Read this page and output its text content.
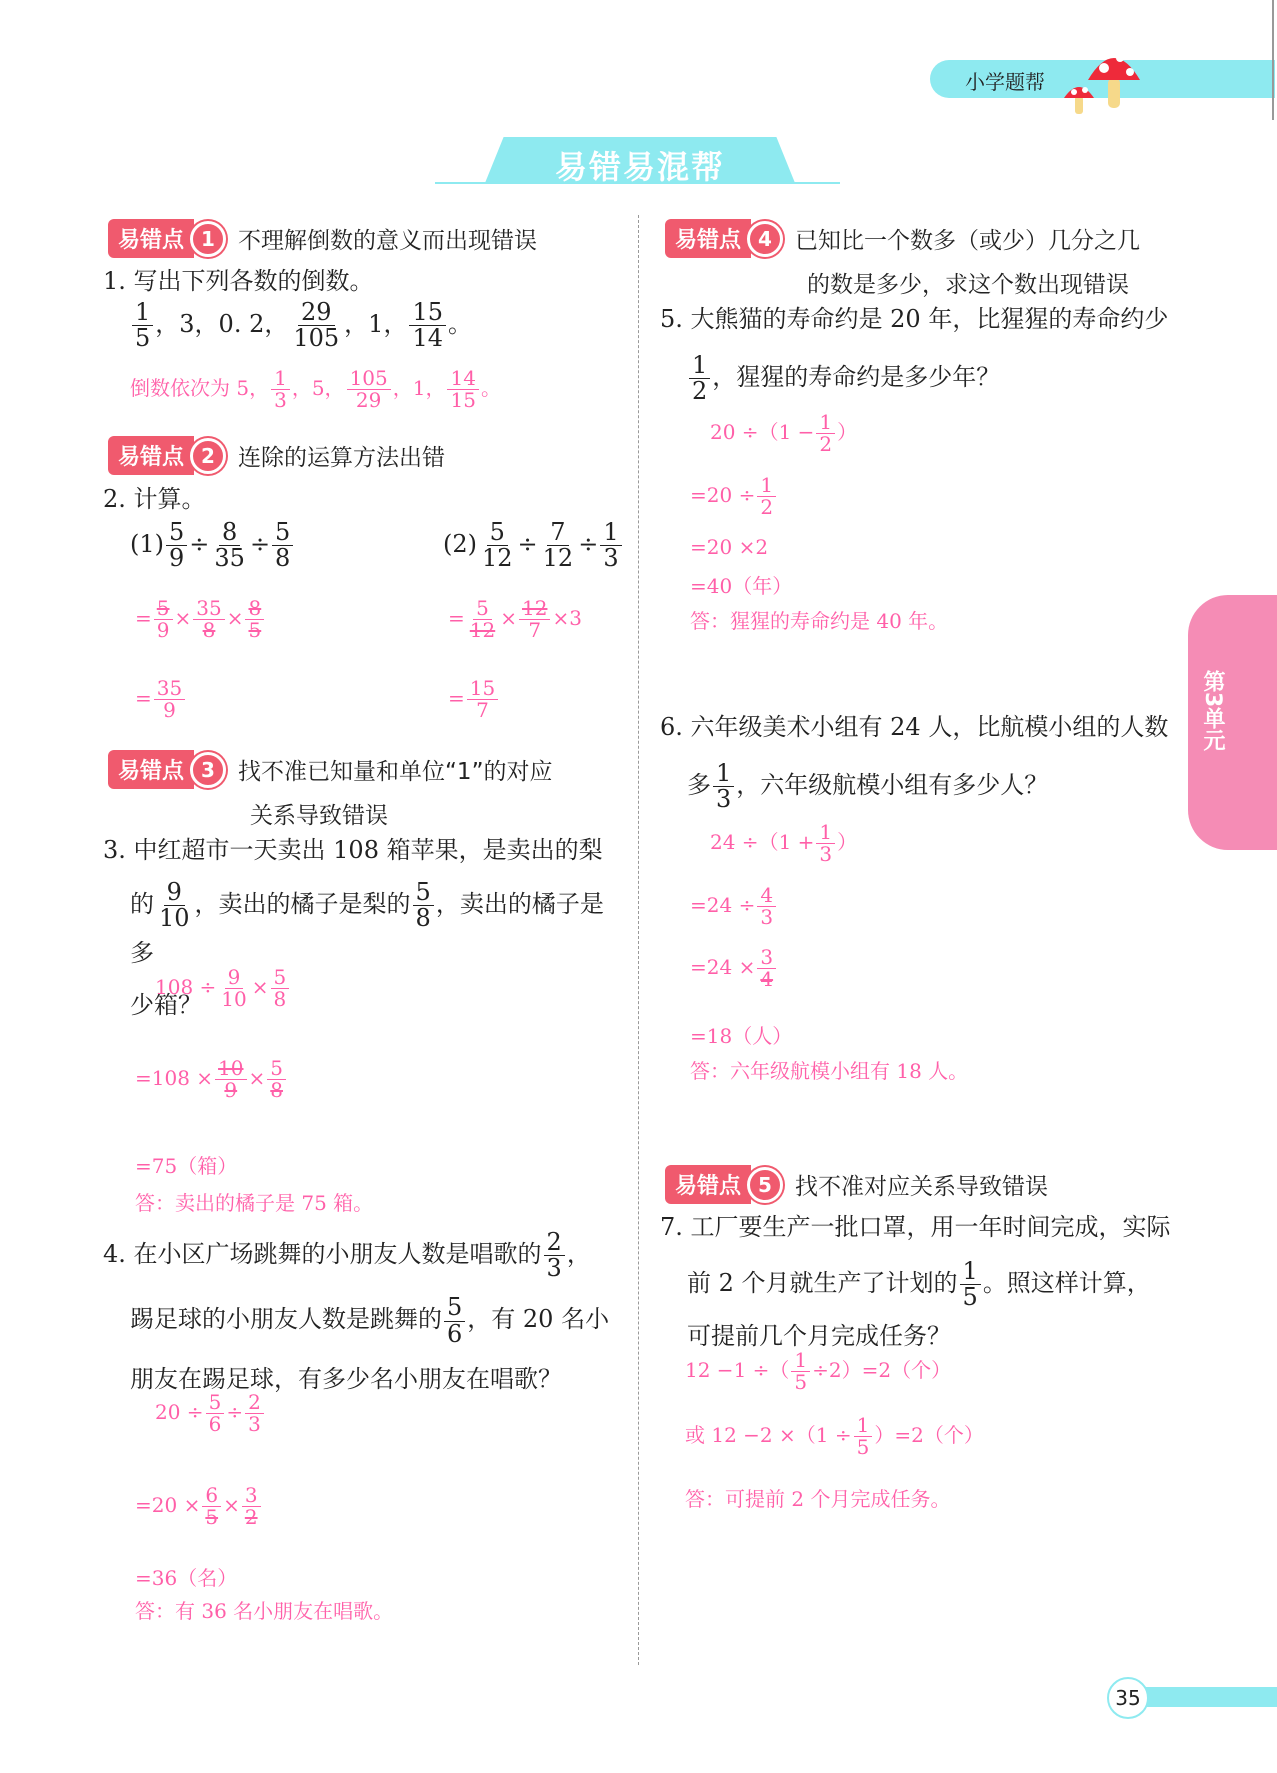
小学题帮
易错易混帮
第3单元
35
易错点 1	不理解倒数的意义而出现错误
1. 写出下列各数的倒数。
$\frac{1}{5}$ ，3，0. 2， $\frac{29}{105}$ ，1， $\frac{15}{14}$ 。
倒数依次为 5， $\frac{1}{3}$ ，5， $\frac{105}{29}$ ，1， $\frac{14}{15}$ 。
易错点 2	连除的运算方法出错
2. 计算。
$(1) \frac{5}{9} \div \frac{8}{35} \div \frac{5}{8}$	$(2) \frac{5}{12} \div \frac{7}{12} \div \frac{1}{3}$
= $\frac{5}{9} \times \frac{35}{8} \times \frac{8}{5}$
= $\frac{35}{9}$
= $\frac{5}{12} \times \frac{12}{7} \times 3$
= $\frac{15}{7}$
易错点 3	找不准已知量和单位“1”的对应
关系导致错误
3. 中红超市一天卖出 108 箱苹果，是卖出的梨
的 $\frac{9}{10}$ ，卖出的橘子是梨的 $\frac{5}{8}$ ，卖出的橘子是多
少箱？
$108 \div \frac{9}{10} \times \frac{5}{8}$
$=108 \times \frac{10}{9} \times \frac{5}{8}$
=75（箱）
答：卖出的橘子是 75 箱。
4. 在小区广场跳舞的小朋友人数是唱歌的 $\frac{2}{3}$ ，
踢足球的小朋友人数是跳舞的 $\frac{5}{6}$ ，有 20 名小
朋友在踢足球，有多少名小朋友在唱歌？
$20 \div \frac{5}{6} \div \frac{2}{3}$
$=20 \times \frac{6}{5} \times \frac{3}{2}$
=36（名）
答：有 36 名小朋友在唱歌。
易错点 4	已知比一个数多（或少）几分之几
的数是多少，求这个数出现错误
5. 大熊猫的寿命约是 20 年，比猩猩的寿命约少
$\frac{1}{2}$ ，猩猩的寿命约是多少年？
$20 \div(1 - \frac{1}{2}$ ）
$=20 \div \frac{1}{2}$
=20 ×2
=40（年）
答：猩猩的寿命约是 40 年。
6. 六年级美术小组有 24 人，比航模小组的人数
多 $\frac{1}{3}$ ，六年级航模小组有多少人？
$24 \div(1 + \frac{1}{3}$ ）
$=24 \div \frac{4}{3}$
$=24 \times \frac{3}{4}$
=18（人）
答：六年级航模小组有 18 人。
易错点 5	找不准对应关系导致错误
7. 工厂要生产一批口罩，用一年时间完成，实际
前 2 个月就生产了计划的 $\frac{1}{5}$ 。照这样计算，
可提前几个月完成任务？
12 −1 ÷（ $\frac{1}{5} \div 2)=2$（个）
或 $12 -2 \times(1 \div \frac{1}{5} )=2$（个）
答：可提前 2 个月完成任务。
